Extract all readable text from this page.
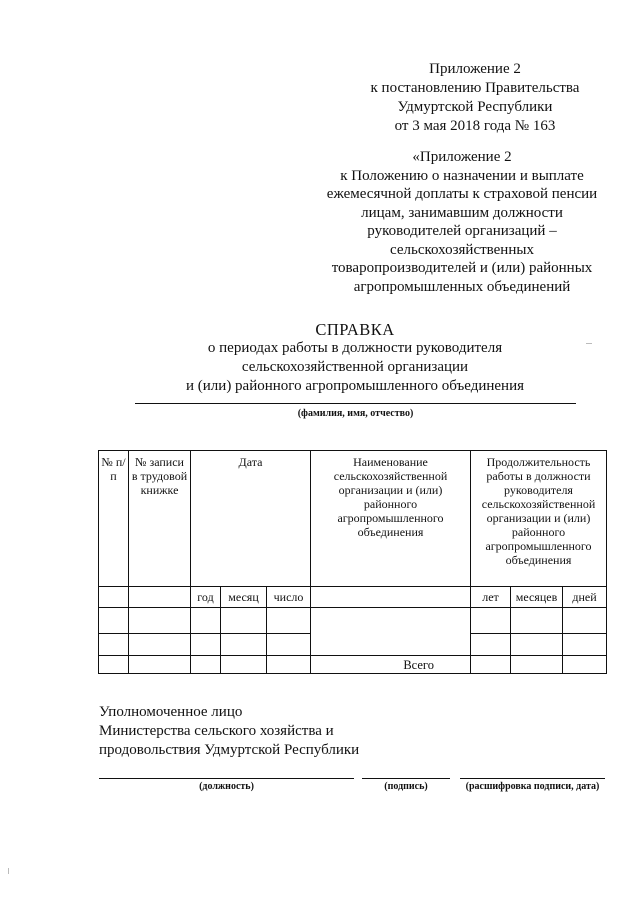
Приложение 2
к постановлению Правительства
Удмуртской Республики
от 3 мая 2018 года № 163
«Приложение 2
к Положению о назначении и выплате
ежемесячной доплаты к страховой пенсии
лицам, занимавшим должности
руководителей организаций –
сельскохозяйственных
товаропроизводителей и (или) районных
агропромышленных объединений
СПРАВКА
о периодах работы в должности руководителя
сельскохозяйственной организации
и (или) районного агропромышленного объединения
(фамилия, имя, отчество)
№ п/п	№ записи в трудовой книжке	Дата			Наименование сельскохозяйственной организации и (или) районного агропромышленного объединения	Продолжительность работы в должности руководителя сельскохозяйственной организации и (или) районного агропромышленного объединения		
		год	месяц	число		лет	месяцев	дней

					Всего			
Уполномоченное лицо
Министерства сельского хозяйства и
продовольствия Удмуртской Республики
(должность)	(подпись)	(расшифровка подписи, дата)
